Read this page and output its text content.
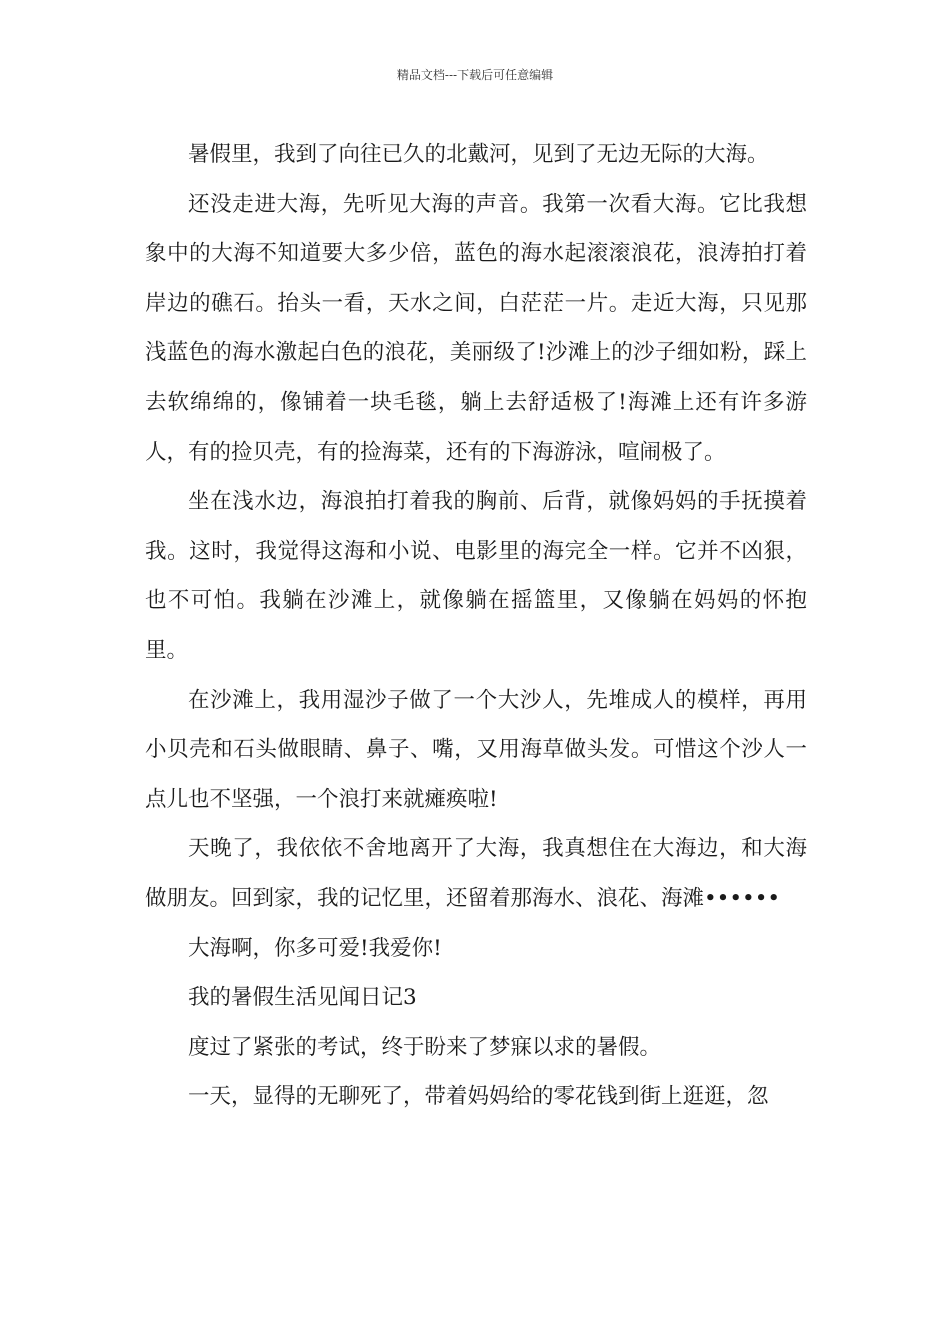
精品文档---下载后可任意编辑

暑假里，我到了向往已久的北戴河，见到了无边无际的大海。

还没走进大海，先听见大海的声音。我第一次看大海。它比我想象中的大海不知道要大多少倍，蓝色的海水起滚滚浪花，浪涛拍打着岸边的礁石。抬头一看，天水之间，白茫茫一片。走近大海，只见那浅蓝色的海水激起白色的浪花，美丽级了!沙滩上的沙子细如粉，踩上去软绵绵的，像铺着一块毛毯，躺上去舒适极了!海滩上还有许多游人，有的捡贝壳，有的捡海菜，还有的下海游泳，喧闹极了。

坐在浅水边，海浪拍打着我的胸前、后背，就像妈妈的手抚摸着我。这时，我觉得这海和小说、电影里的海完全一样。它并不凶狠，也不可怕。我躺在沙滩上，就像躺在摇篮里，又像躺在妈妈的怀抱里。

在沙滩上，我用湿沙子做了一个大沙人，先堆成人的模样，再用小贝壳和石头做眼睛、鼻子、嘴，又用海草做头发。可惜这个沙人一点儿也不坚强，一个浪打来就瘫痪啦!

天晚了，我依依不舍地离开了大海，我真想住在大海边，和大海做朋友。回到家，我的记忆里，还留着那海水、浪花、海滩••••••

大海啊，你多可爱!我爱你!

我的暑假生活见闻日记3

度过了紧张的考试，终于盼来了梦寐以求的暑假。

一天，显得的无聊死了，带着妈妈给的零花钱到街上逛逛，忽
